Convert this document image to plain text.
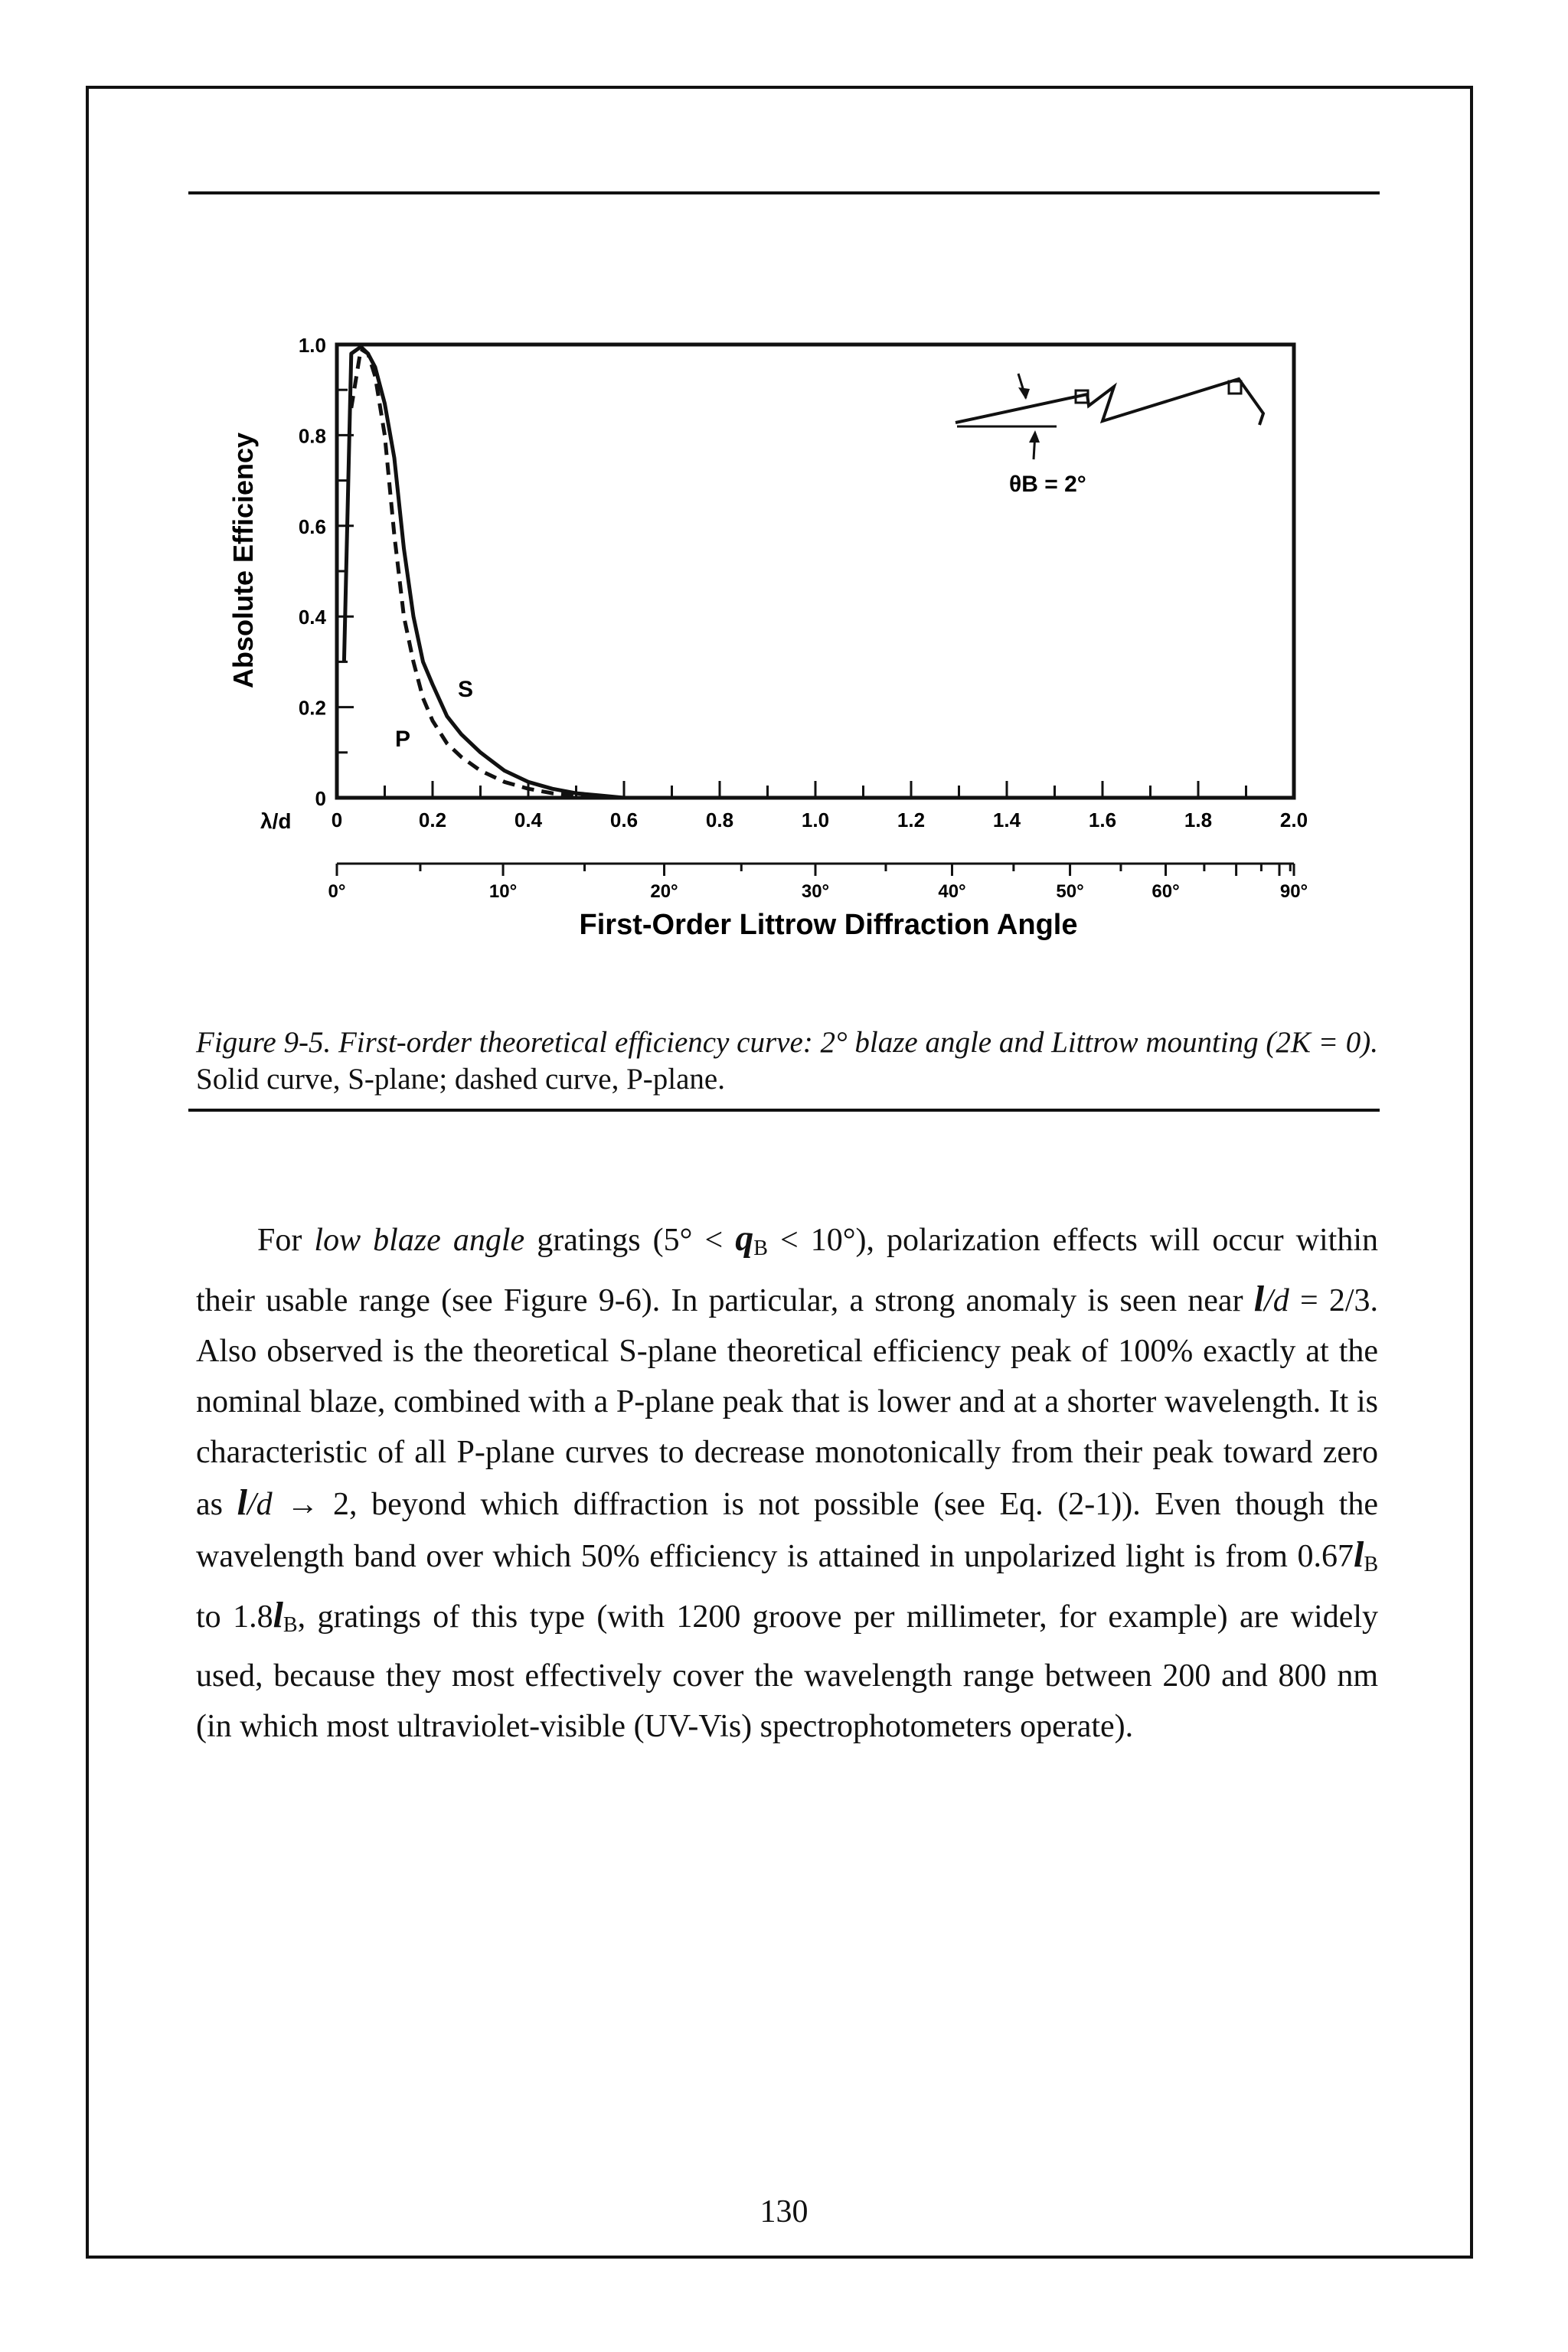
0
0.2
0.4
0.6
0.8
1.0
0	0.2	0.4	0.6	0.8	1.0	1.2	1.4	1.6	1.8	2.0
0°	10°	20°	30°	40°	50°	60°	90°
θB = 2°
S
P
Absolute Efficiency
λ/d
First-Order Littrow Diffraction Angle
Figure 9-5. First-order theoretical efficiency curve: 2° blaze angle and Littrow mounting (2K = 0). Solid curve, S-plane; dashed curve, P-plane.

For low blaze angle gratings $(5^\circ < q_B < 10^\circ)$, polarization effects will occur within their usable range (see Figure 9-6). In particular, a strong anomaly is seen near l/d = 2/3. Also observed is the theoretical S-plane theoretical efficiency peak of 100% exactly at the nominal blaze, combined with a P-plane peak that is lower and at a shorter wavelength. It is characteristic of all P-plane curves to decrease monotonically from their peak toward zero as l/d → 2, beyond which diffraction is not possible (see Eq. (2-1)). Even though the wavelength band over which 50% efficiency is attained in unpolarized light is from $0.67l_B$ to $1.8l_B$, gratings of this type (with 1200 groove per millimeter, for example) are widely used, because they most effectively cover the wavelength range between 200 and 800 nm (in which most ultraviolet-visible (UV-Vis) spectrophotometers operate).

130
